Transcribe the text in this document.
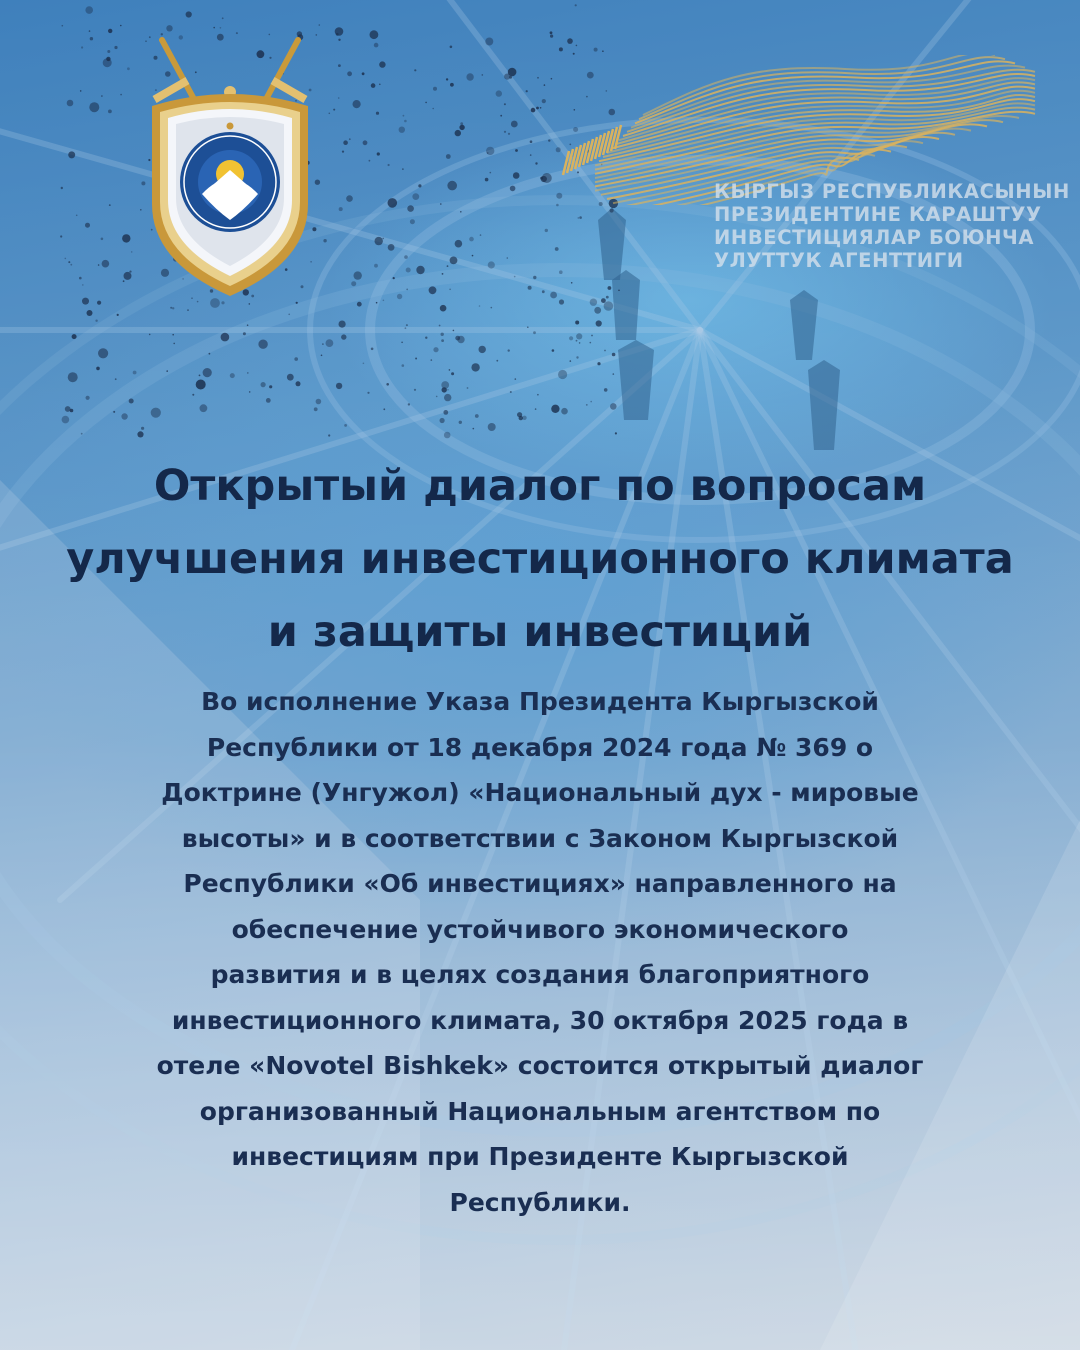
КЫРГЫЗ РЕСПУБЛИКАСЫНЫН
ПРЕЗИДЕНТИНЕ КАРАШТУУ
ИНВЕСТИЦИЯЛАР БОЮНЧА
УЛУТТУК АГЕНТТИГИ
Открытый диалог по вопросам
улучшения инвестиционного климата
и защиты инвестиций
Во исполнение Указа Президента Кыргызской
Республики от 18 декабря 2024 года № 369 о
Доктрине (Унгужол) «Национальный дух - мировые
высоты» и в соответствии с Законом Кыргызской
Республики «Об инвестициях» направленного на
обеспечение устойчивого экономического
развития и в целях создания благоприятного
инвестиционного климата, 30 октября 2025 года в
отеле «Novotel Bishkek» состоится открытый диалог
организованный Национальным агентством по
инвестициям при Президенте Кыргызской
Республики.
